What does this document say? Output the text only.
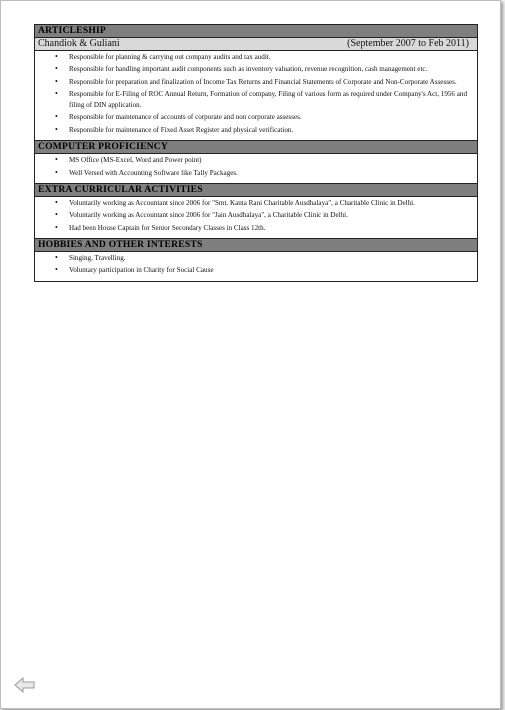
ARTICLESHIP
Chandiok & Guliani	(September 2007 to Feb 2011)
• Responsible for planning & carrying out company audits and tax audit.
• Responsible for handling important audit components such as inventory valuation, revenue recognition, cash management etc.
• Responsible for preparation and finalization of Income Tax Returns and Financial Statements of Corporate and Non-Corporate Assesses.
• Responsible for E-Filing of ROC Annual Return, Formation of company, Filing of various form as required under Company's Act, 1956 and filing of DIN application.
• Responsible for maintenance of accounts of corporate and non corporate assesses.
• Responsible for maintenance of Fixed Asset Register and physical verification.
COMPUTER PROFICIENCY
• MS Office (MS-Excel, Word and Power point)
• Well Versed with Accounting Software like Tally Packages.
EXTRA CURRICULAR ACTIVITIES
• Voluntarily working as Accountant since 2006 for "Smt. Kanta Rani Charitable Ausdhalaya", a Charitable Clinic in Delhi.
• Voluntarily working as Accountant since 2006 for "Jain Ausdhalaya", a Charitable Clinic in Delhi.
• Had been House Captain for Senior Secondary Classes in Class 12th.
HOBBIES AND OTHER INTERESTS
• Singing, Travelling.
• Voluntary participation in Charity for Social Cause
